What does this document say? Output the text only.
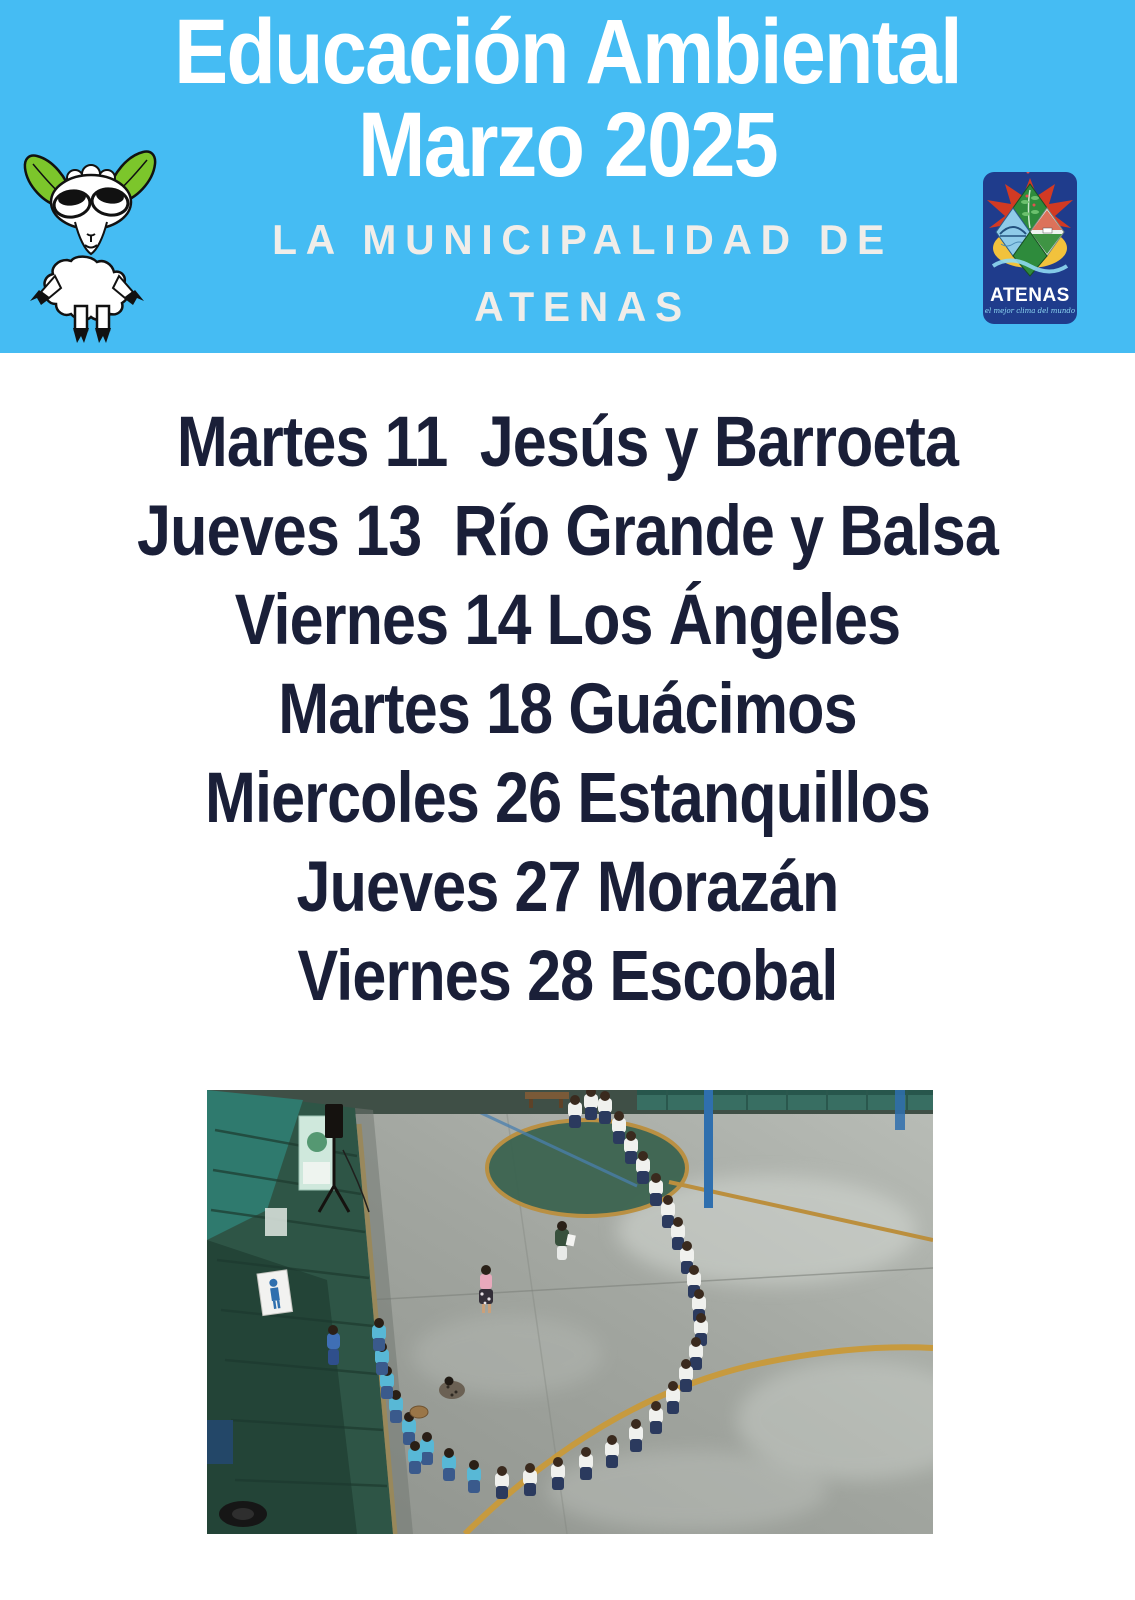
Educación Ambiental
Marzo 2025
LA MUNICIPALIDAD DE
ATENAS	ATENAS
el mejor clima del mundo
Martes 11  Jesús y Barroeta
Jueves 13  Río Grande y Balsa
Viernes 14 Los Ángeles
Martes 18 Guácimos
Miercoles 26 Estanquillos
Jueves 27 Morazán
Viernes 28 Escobal
